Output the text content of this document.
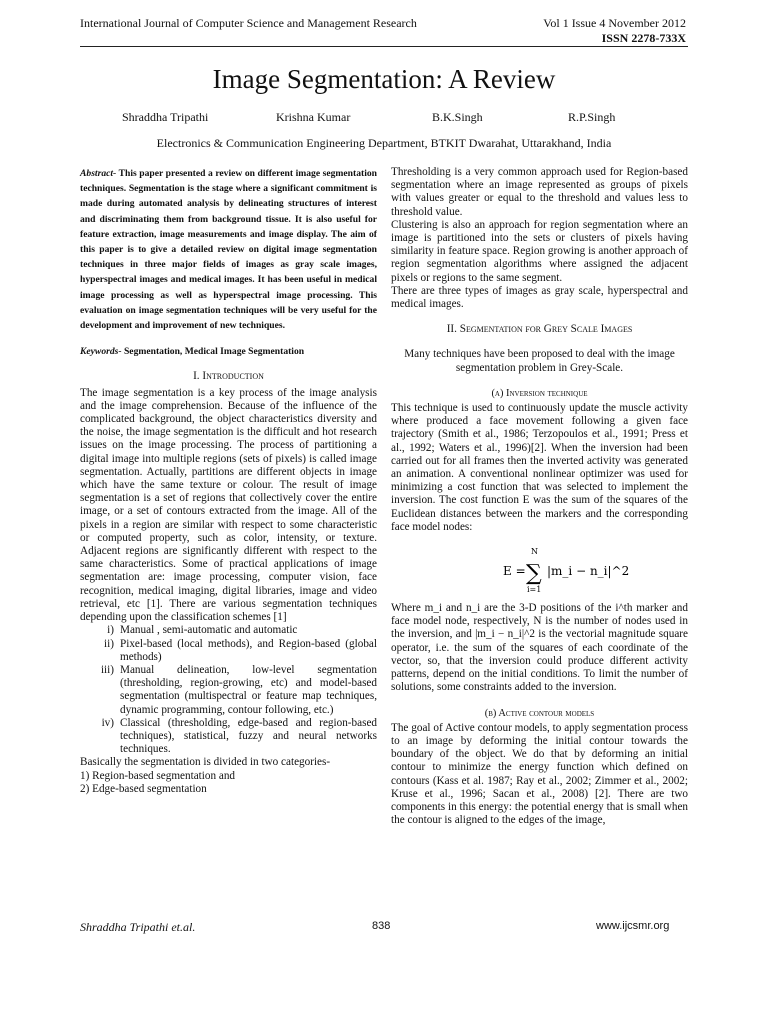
International Journal of Computer Science and Management Research	Vol 1 Issue 4 November 2012
ISSN 2278-733X
Image Segmentation: A Review
Shraddha Tripathi	Krishna Kumar	B.K.Singh	R.P.Singh
Electronics & Communication Engineering Department, BTKIT Dwarahat, Uttarakhand, India

Abstract- This paper presented a review on different image segmentation techniques. Segmentation is the stage where a significant commitment is made during automated analysis by delineating structures of interest and discriminating them from background tissue. It is also useful for feature extraction, image measurements and image display. The aim of this paper is to give a detailed review on digital image segmentation techniques in three major fields of images as gray scale images, hyperspectral images and medical images. It has been useful in medical image processing as well as hyperspectral image processing. This evaluation on image segmentation techniques will be very useful for the development and improvement of new techniques.

Keywords- Segmentation, Medical Image Segmentation

I. Introduction

The image segmentation is a key process of the image analysis and the image comprehension. Because of the influence of the complicated background, the object characteristics diversity and the noise, the image segmentation is the difficult and hot research issues on the image processing. The process of partitioning a digital image into multiple regions (sets of pixels) is called image segmentation. Actually, partitions are different objects in image which have the same texture or colour. The result of image segmentation is a set of regions that collectively cover the entire image, or a set of contours extracted from the image. All of the pixels in a region are similar with respect to some characteristic or computed property, such as color, intensity, or texture. Adjacent regions are significantly different with respect to the same characteristics. Some of practical applications of image segmentation are: image processing, computer vision, face recognition, medical imaging, digital libraries, image and video retrieval, etc [1]. There are various segmentation techniques depending upon the classification schemes [1]

i) Manual , semi-automatic and automatic
ii) Pixel-based (local methods), and Region-based (global methods)
iii) Manual delineation, low-level segmentation (thresholding, region-growing, etc) and model-based segmentation (multispectral or feature map techniques, dynamic programming, contour following, etc.)
iv) Classical (thresholding, edge-based and region-based techniques), statistical, fuzzy and neural networks techniques.

Basically the segmentation is divided in two categories-

1) Region-based segmentation and

2) Edge-based segmentation

Thresholding is a very common approach used for Region-based segmentation where an image represented as groups of pixels with values greater or equal to the threshold and values less to threshold value.

Clustering is also an approach for region segmentation where an image is partitioned into the sets or clusters of pixels having similarity in feature space. Region growing is another approach of region segmentation algorithms where assigned the adjacent pixels or regions to the same segment.

There are three types of images as gray scale, hyperspectral and medical images.

II. Segmentation for Grey Scale Images

Many techniques have been proposed to deal with the image segmentation problem in Grey-Scale.

(a) Inversion technique

This technique is used to continuously update the muscle activity where produced a face movement following a given face trajectory (Smith et al., 1986; Terzopoulos et al., 1991; Press et al., 1992; Waters et al., 1996)[2]. When the inversion had been carried out for all frames then the inverted activity was generated an animation. A conventional nonlinear optimizer was used for minimizing a cost function that was selected to implement the inversion. The cost function E was the sum of the squares of the Euclidean distances between the markers and the corresponding face model nodes:

E =
N
∑
i=1
|m_i − n_i|^2

Where m_i and n_i are the 3-D positions of the i^th marker and face model node, respectively, N is the number of nodes used in the inversion, and |m_i − n_i|^2 is the vectorial magnitude square operator, i.e. the sum of the squares of each coordinate of the vector, so, that the inversion could produce different activity patterns, depend on the initial conditions. To limit the number of solutions, some constraints added to the inversion.

(b) Active contour models

The goal of Active contour models, to apply segmentation process to an image by deforming the initial contour towards the boundary of the object. We do that by deforming an initial contour to minimize the energy function which defined on contours (Kass et al. 1987; Ray et al., 2002; Zimmer et al., 2002; Kruse et al., 1996; Sacan et al., 2008) [2]. There are two components in this energy: the potential energy that is small when the contour is aligned to the edges of the image,

Shraddha Tripathi et.al.	838	www.ijcsmr.org
